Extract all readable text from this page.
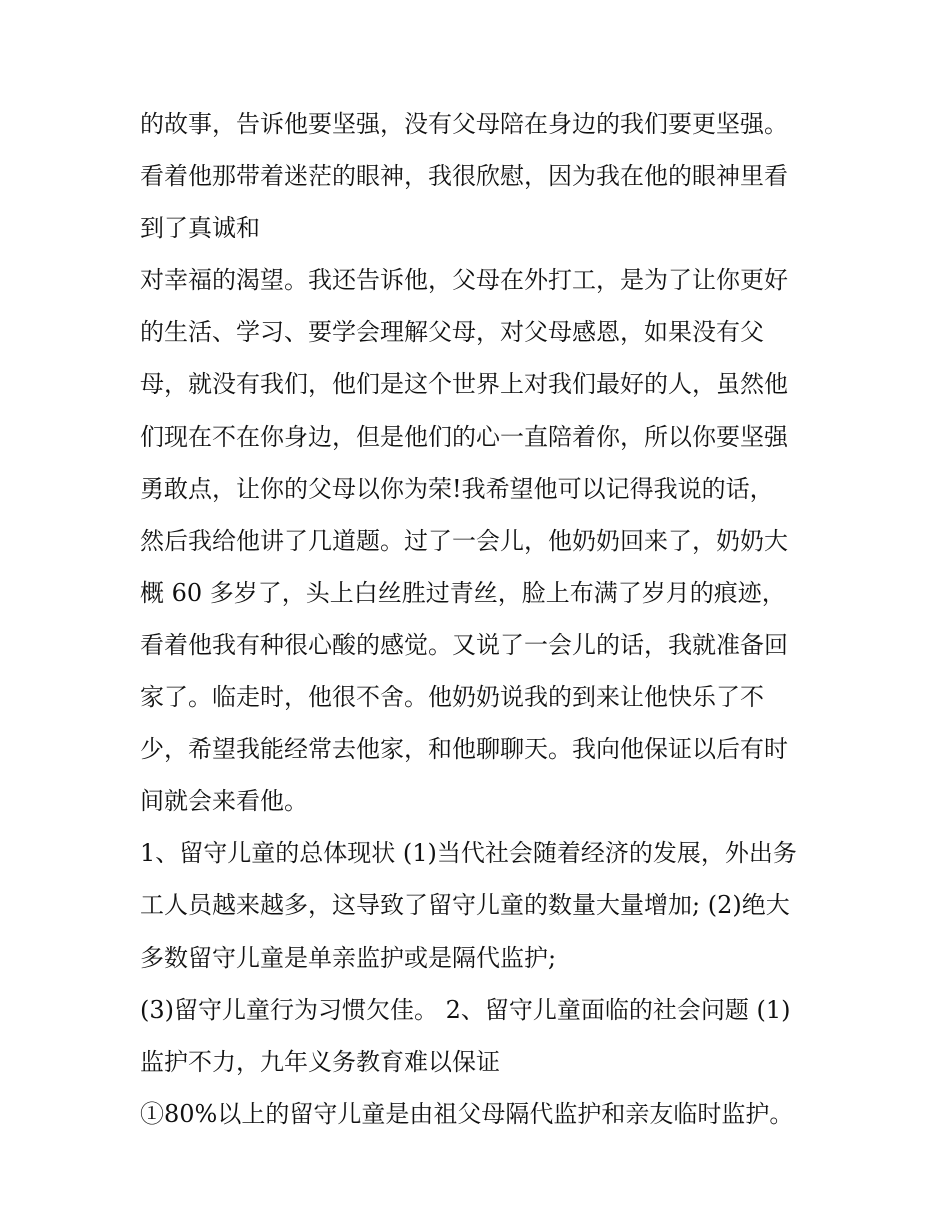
的故事，告诉他要坚强，没有父母陪在身边的我们要更坚强。
看着他那带着迷茫的眼神，我很欣慰，因为我在他的眼神里看
到了真诚和
对幸福的渴望。我还告诉他，父母在外打工，是为了让你更好
的生活、学习、要学会理解父母，对父母感恩，如果没有父
母，就没有我们，他们是这个世界上对我们最好的人，虽然他
们现在不在你身边，但是他们的心一直陪着你，所以你要坚强
勇敢点，让你的父母以你为荣!我希望他可以记得我说的话，
然后我给他讲了几道题。过了一会儿，他奶奶回来了，奶奶大
概 60 多岁了，头上白丝胜过青丝，脸上布满了岁月的痕迹，
看着他我有种很心酸的感觉。又说了一会儿的话，我就准备回
家了。临走时，他很不舍。他奶奶说我的到来让他快乐了不
少，希望我能经常去他家，和他聊聊天。我向他保证以后有时
间就会来看他。
1、留守儿童的总体现状 (1)当代社会随着经济的发展，外出务
工人员越来越多，这导致了留守儿童的数量大量增加; (2)绝大
多数留守儿童是单亲监护或是隔代监护;
(3)留守儿童行为习惯欠佳。 2、留守儿童面临的社会问题 (1)
监护不力，九年义务教育难以保证
①80%以上的留守儿童是由祖父母隔代监护和亲友临时监护。
